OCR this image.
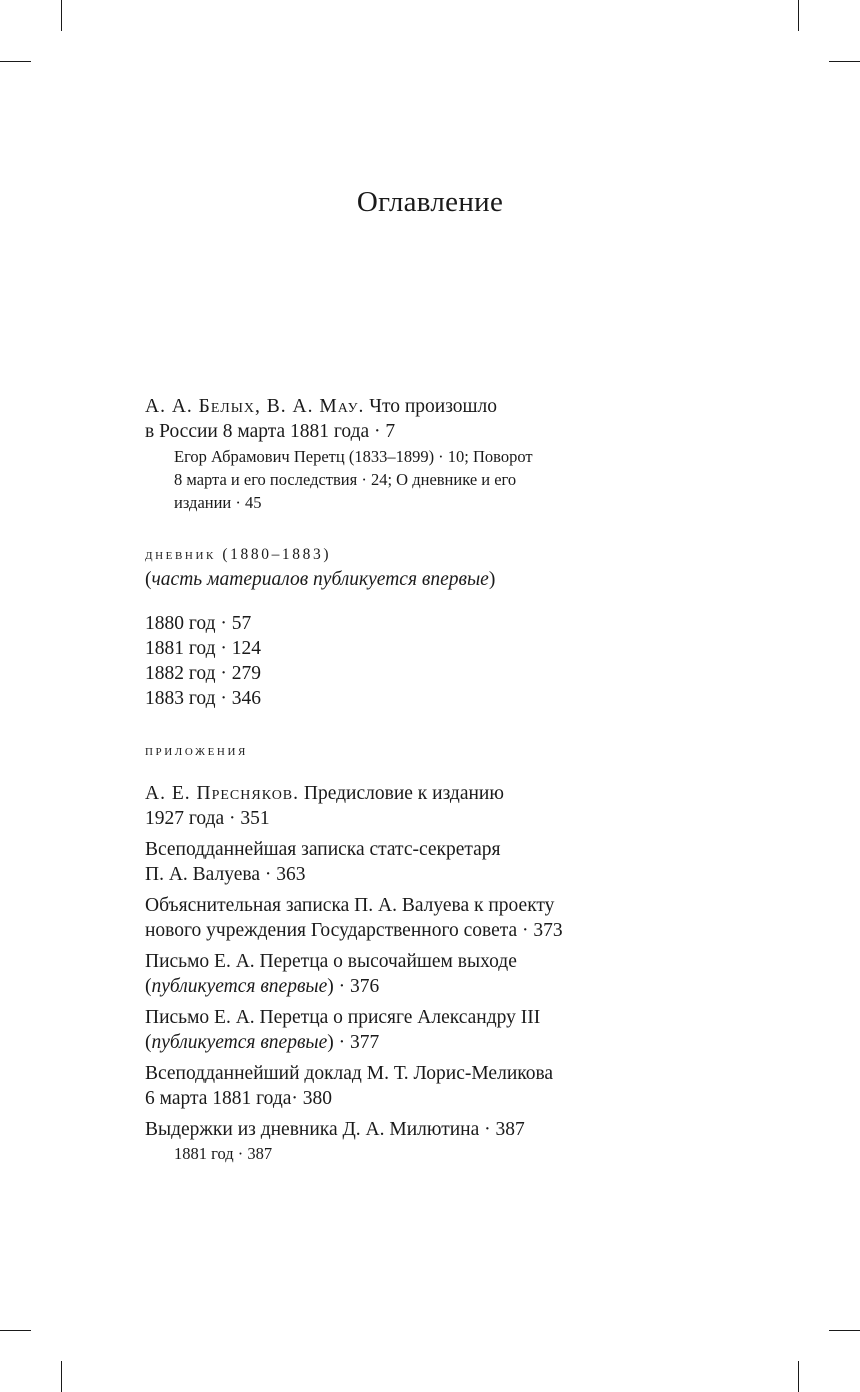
Оглавление
А. А. Белых, В. А. Мау. Что произошло
в России 8 марта 1881 года · 7
Егор Абрамович Перетц (1833–1899) · 10; Поворот
8 марта и его последствия · 24; О дневнике и его
издании · 45
дневник (1880–1883)
(часть материалов публикуется впервые)
1880 год · 57
1881 год · 124
1882 год · 279
1883 год · 346
приложения
А. Е. Пресняков. Предисловие к изданию
1927 года · 351
Всеподданнейшая записка статс-секретаря
П. А. Валуева · 363
Объяснительная записка П. А. Валуева к проекту
нового учреждения Государственного совета · 373
Письмо Е. А. Перетца о высочайшем выходе
(публикуется впервые) · 376
Письмо Е. А. Перетца о присяге Александру III
(публикуется впервые) · 377
Всеподданнейший доклад М. Т. Лорис-Меликова
6 марта 1881 года· 380
Выдержки из дневника Д. А. Милютина · 387
1881 год · 387
